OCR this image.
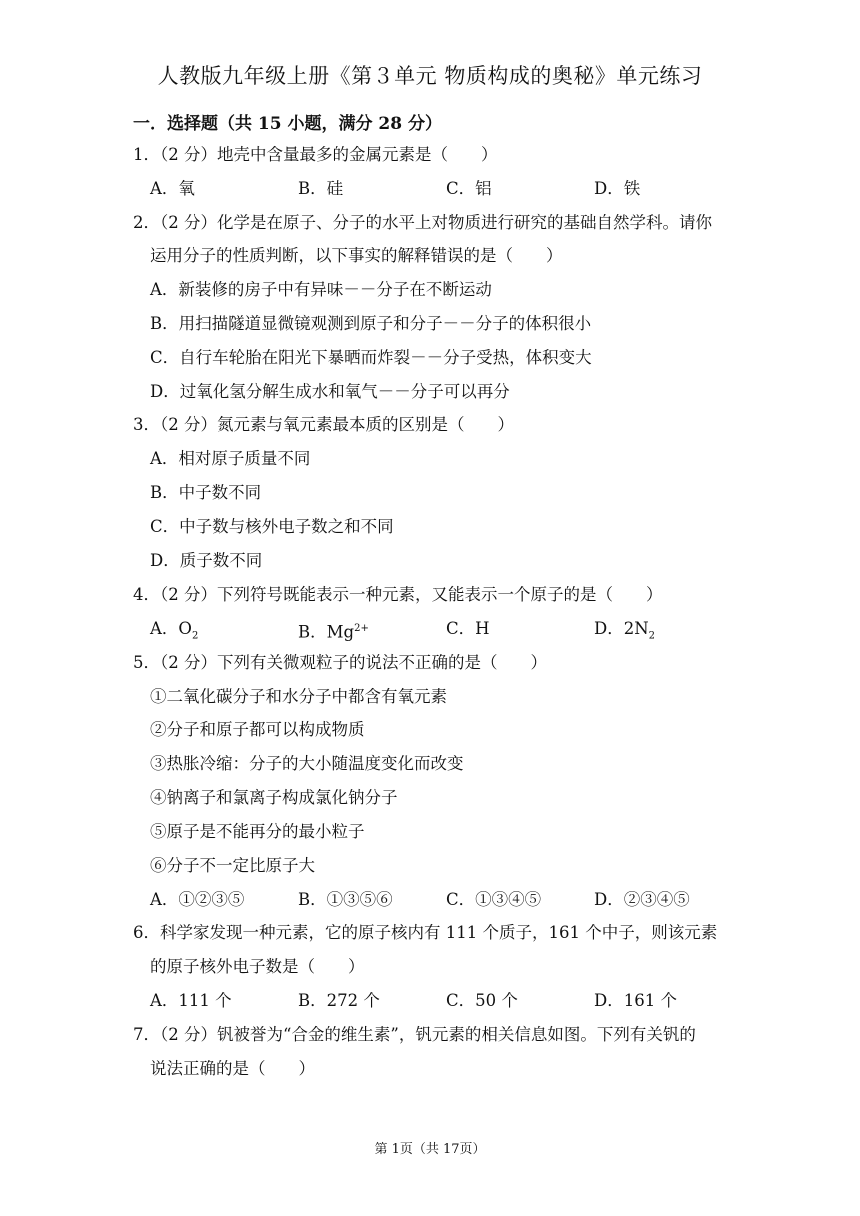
人教版九年级上册《第３单元 物质构成的奥秘》单元练习
一．选择题（共 15 小题，满分 28 分）
1．（2 分）地壳中含量最多的金属元素是（　　）
A．氧	B．硅	C．铝	D．铁
2．（2 分）化学是在原子、分子的水平上对物质进行研究的基础自然学科。请你
运用分子的性质判断，以下事实的解释错误的是（　　）
A．新装修的房子中有异味－－分子在不断运动
B．用扫描隧道显微镜观测到原子和分子－－分子的体积很小
C．自行车轮胎在阳光下暴晒而炸裂－－分子受热，体积变大
D．过氧化氢分解生成水和氧气－－分子可以再分
3．（2 分）氮元素与氧元素最本质的区别是（　　）
A．相对原子质量不同
B．中子数不同
C．中子数与核外电子数之和不同
D．质子数不同
4．（2 分）下列符号既能表示一种元素，又能表示一个原子的是（　　）
A．$O_2$	B．$Mg^{2+}$	C．H	D．$2N_2$
5．（2 分）下列有关微观粒子的说法不正确的是（　　）
①二氧化碳分子和水分子中都含有氧元素
②分子和原子都可以构成物质
③热胀冷缩：分子的大小随温度变化而改变
④钠离子和氯离子构成氯化钠分子
⑤原子是不能再分的最小粒子
⑥分子不一定比原子大
A．①②③⑤	B．①③⑤⑥	C．①③④⑤	D．②③④⑤
6．科学家发现一种元素，它的原子核内有 111 个质子，161 个中子，则该元素
的原子核外电子数是（　　）
A．111 个	B．272 个	C．50 个	D．161 个
7．（2 分）钒被誉为“合金的维生素”，钒元素的相关信息如图。下列有关钒的
说法正确的是（　　）
第 1页（共 17页）
